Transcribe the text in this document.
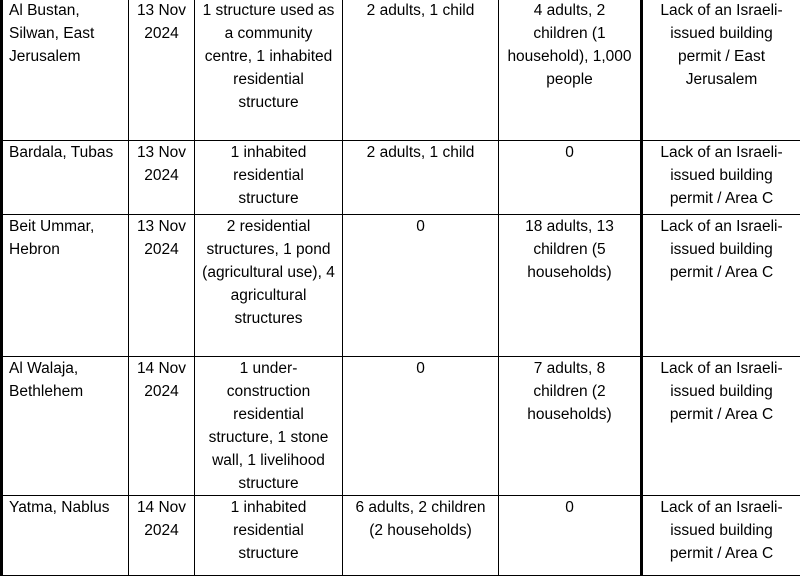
Al Bustan, Silwan, East Jerusalem	13 Nov 2024	1 structure used as a community centre, 1 inhabited residential structure	2 adults, 1 child	4 adults, 2 children (1 household), 1,000 people	Lack of an Israeli-issued building permit / East Jerusalem

Bardala, Tubas	13 Nov 2024	1 inhabited residential structure	2 adults, 1 child	0	Lack of an Israeli-issued building permit / Area C

Beit Ummar, Hebron	13 Nov 2024	2 residential structures, 1 pond (agricultural use), 4 agricultural structures	0	18 adults, 13 children (5 households)	Lack of an Israeli-issued building permit / Area C

Al Walaja, Bethlehem	14 Nov 2024	1 under-construction residential structure, 1 stone wall, 1 livelihood structure	0	7 adults, 8 children (2 households)	Lack of an Israeli-issued building permit / Area C

Yatma, Nablus	14 Nov 2024	1 inhabited residential structure	6 adults, 2 children (2 households)	0	Lack of an Israeli-issued building permit / Area C
